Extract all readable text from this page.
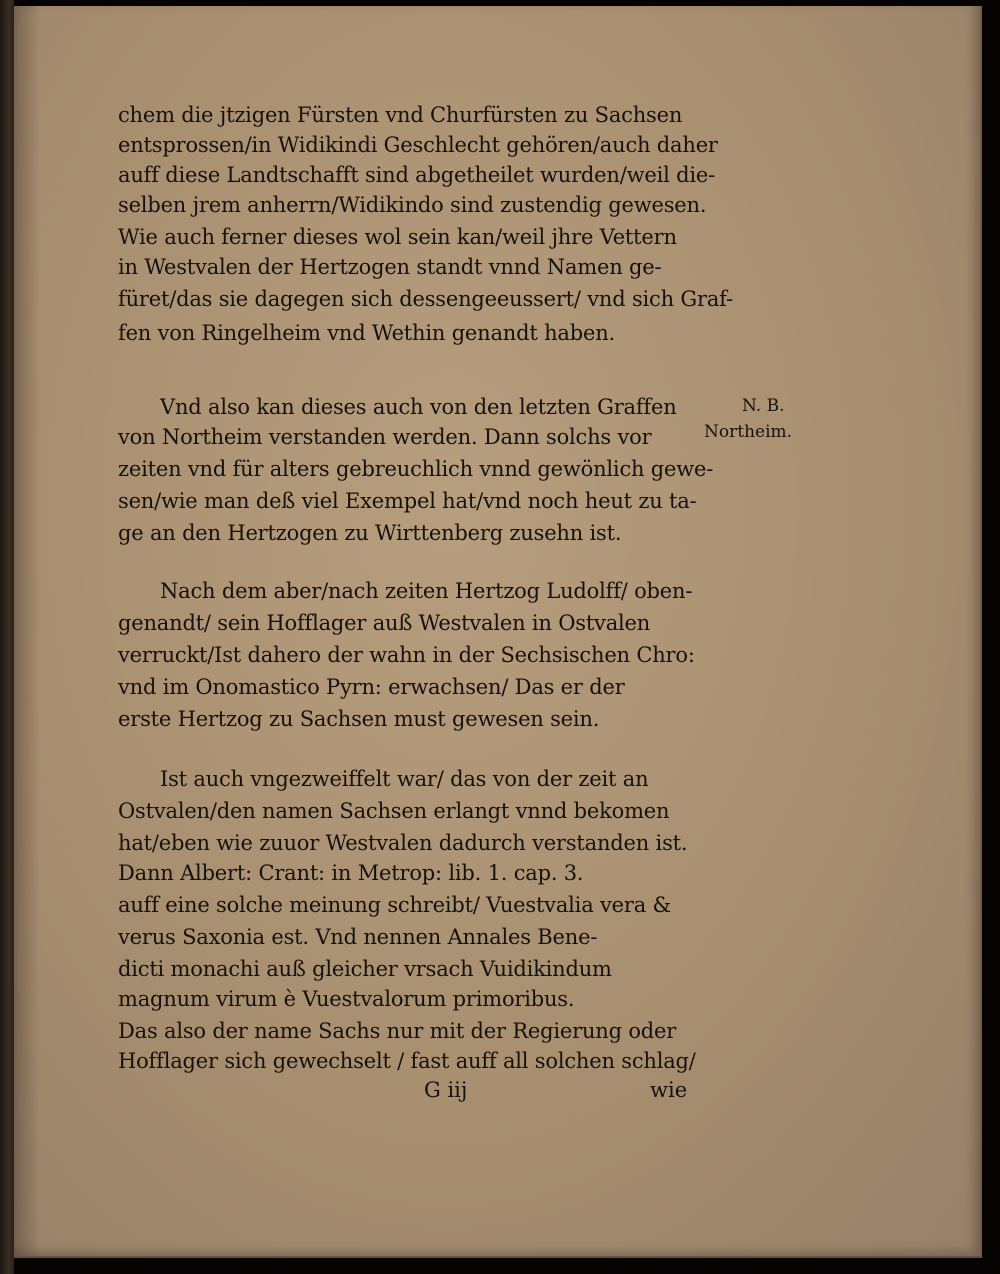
chem die jtzigen Fürsten vnd Churfürsten zu Sachsen
entsprossen/in Widikindi Geschlecht gehören/auch daher
auff diese Landtschafft sind abgetheilet wurden/weil die-
selben jrem anherrn/Widikindo sind zustendig gewesen.
Wie auch ferner dieses wol sein kan/weil jhre Vettern
in Westvalen der Hertzogen standt vnnd Namen ge-
füret/das sie dagegen sich dessengeeussert/ vnd sich Graf-
fen von Ringelheim vnd Wethin genandt haben.
Vnd also kan dieses auch von den letzten Graffen
von Northeim verstanden werden. Dann solchs vor
zeiten vnd für alters gebreuchlich vnnd gewönlich gewe-
sen/wie man deß viel Exempel hat/vnd noch heut zu ta-
ge an den Hertzogen zu Wirttenberg zusehn ist.
Nach dem aber/nach zeiten Hertzog Ludolff/ oben-
genandt/ sein Hofflager auß Westvalen in Ostvalen
verruckt/Ist dahero der wahn in der Sechsischen Chro:
vnd im Onomastico Pyrn: erwachsen/ Das er der
erste Hertzog zu Sachsen must gewesen sein.
Ist auch vngezweiffelt war/ das von der zeit an
Ostvalen/den namen Sachsen erlangt vnnd bekomen
hat/eben wie zuuor Westvalen dadurch verstanden ist.
Dann Albert: Crant: in Metrop: lib. 1. cap. 3.
auff eine solche meinung schreibt/ Vuestvalia vera &
verus Saxonia est. Vnd nennen Annales Bene-
dicti monachi auß gleicher vrsach Vuidikindum
magnum virum è Vuestvalorum primoribus.
Das also der name Sachs nur mit der Regierung oder
Hofflager sich gewechselt / fast auff all solchen schlag/
N. B.
Northeim.
G iij	wie
